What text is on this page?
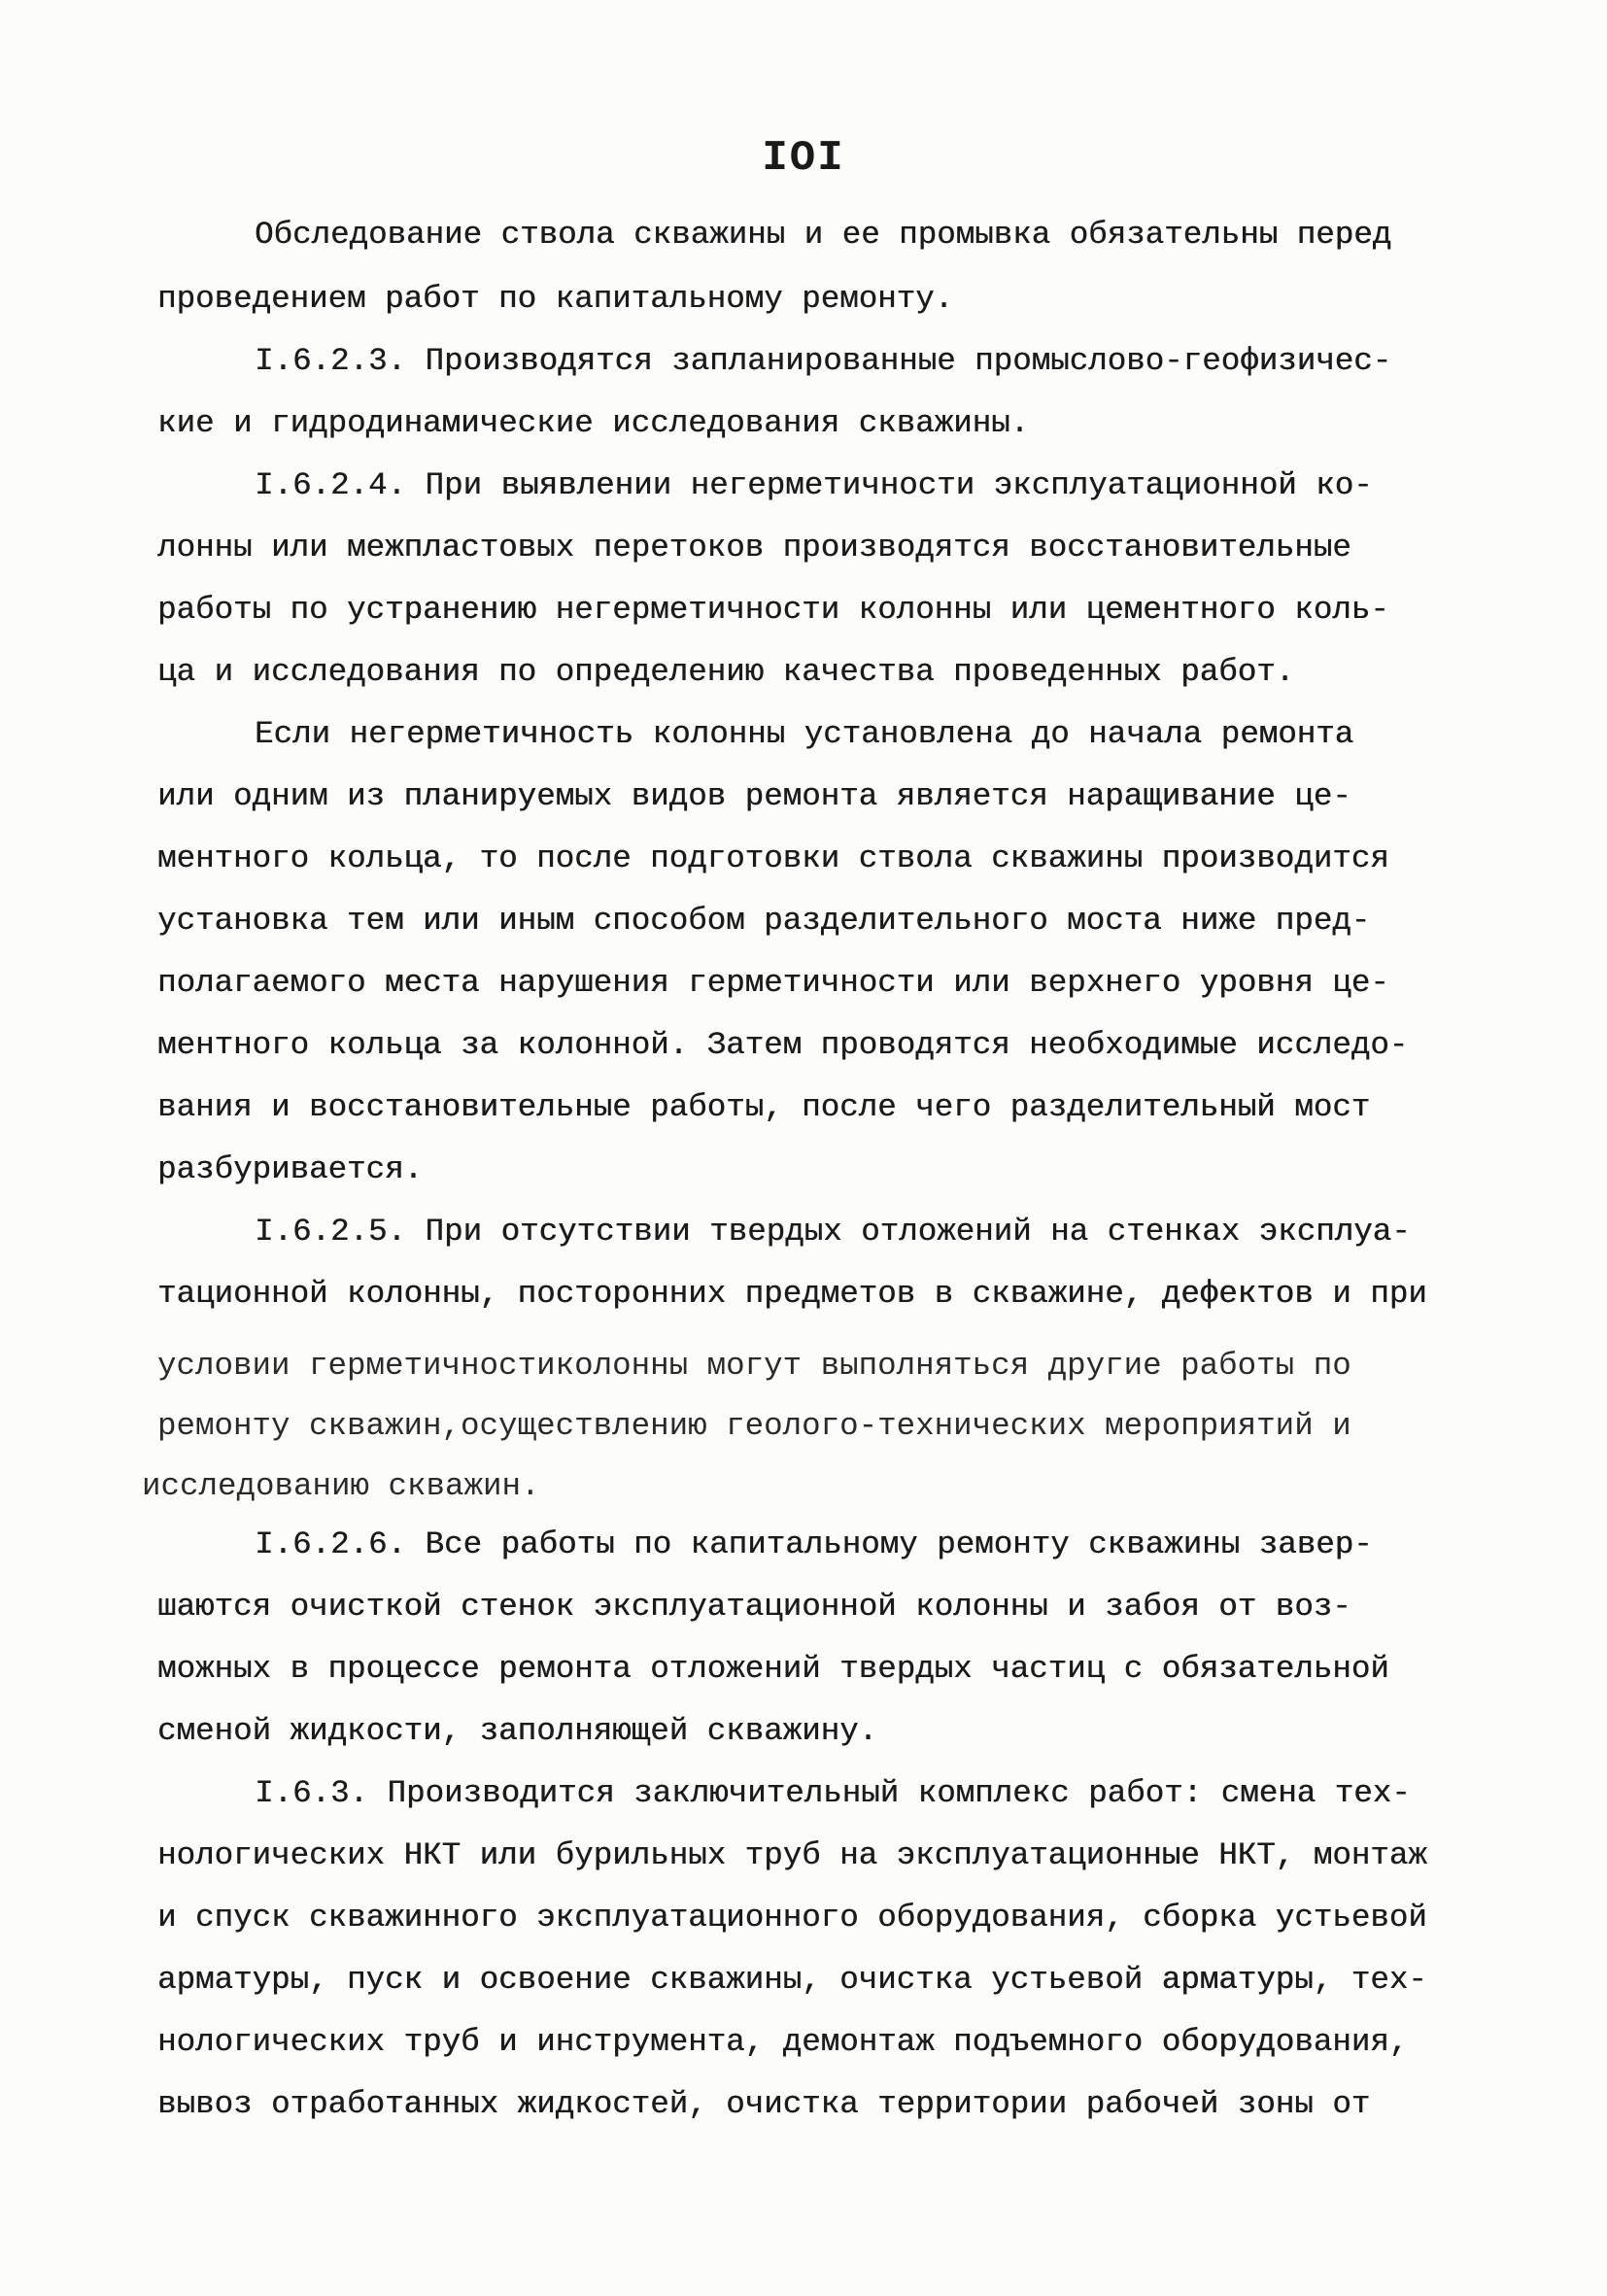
IOI
Обследование ствола скважины и ее промывка обязательны перед
проведением работ по капитальному ремонту.
I.6.2.3. Производятся запланированные промыслово-геофизичес-
кие и гидродинамические исследования скважины.
I.6.2.4. При выявлении негерметичности эксплуатационной ко-
лонны или межпластовых перетоков производятся восстановительные
работы по устранению негерметичности колонны или цементного коль-
ца и исследования по определению качества проведенных работ.
Если негерметичность колонны установлена до начала ремонта
или одним из планируемых видов ремонта является наращивание це-
ментного кольца, то после подготовки ствола скважины производится
установка тем или иным способом разделительного моста ниже пред-
полагаемого места нарушения герметичности или верхнего уровня це-
ментного кольца за колонной. Затем проводятся необходимые исследо-
вания и восстановительные работы, после чего разделительный мост
разбуривается.
I.6.2.5. При отсутствии твердых отложений на стенках эксплуа-
тационной колонны, посторонних предметов в скважине, дефектов и при
условии герметичностиколонны могут выполняться другие работы по
ремонту скважин,осуществлению геолого-технических мероприятий и
исследованию скважин.
I.6.2.6. Все работы по капитальному ремонту скважины завер-
шаются очисткой стенок эксплуатационной колонны и забоя от воз-
можных в процессе ремонта отложений твердых частиц с обязательной
сменой жидкости, заполняющей скважину.
I.6.3. Производится заключительный комплекс работ: смена тех-
нологических НКТ или бурильных труб на эксплуатационные НКТ, монтаж
и спуск скважинного эксплуатационного оборудования, сборка устьевой
арматуры, пуск и освоение скважины, очистка устьевой арматуры, тех-
нологических труб и инструмента, демонтаж подъемного оборудования,
вывоз отработанных жидкостей, очистка территории рабочей зоны от
